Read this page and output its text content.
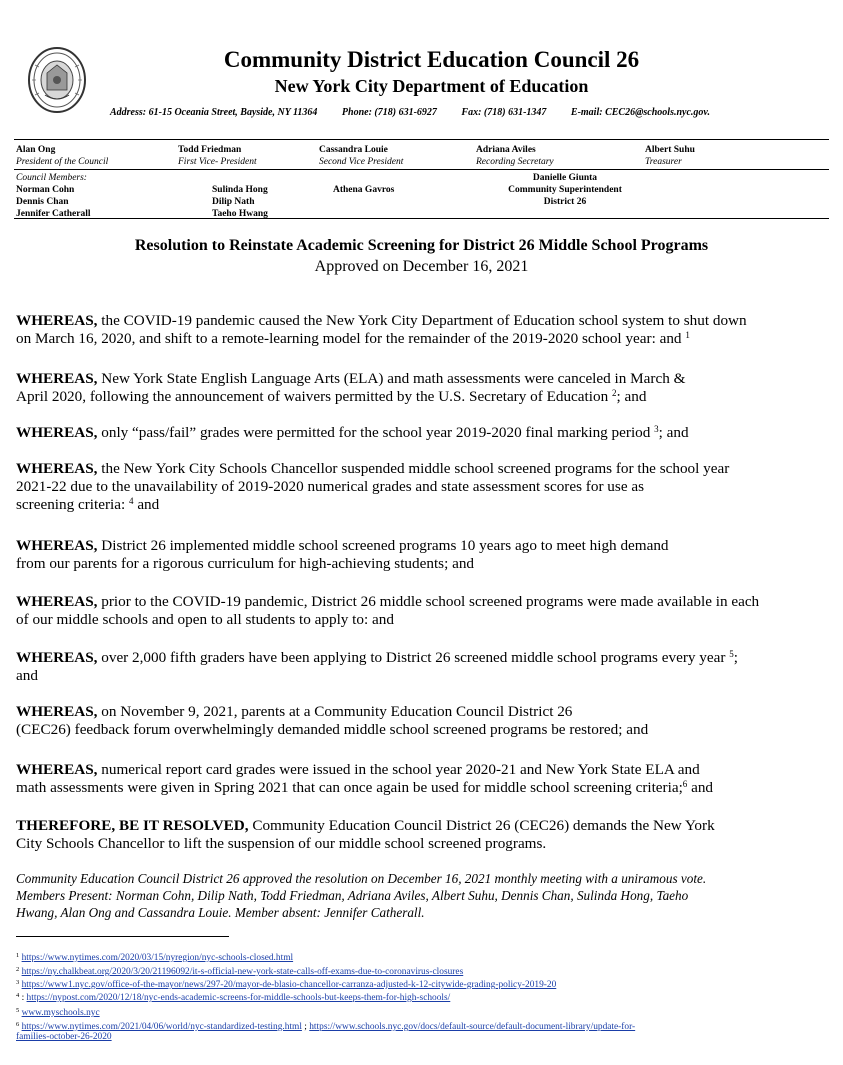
Community District Education Council 26
New York City Department of Education
Address: 61-15 Oceania Street, Bayside, NY 11364 Phone: (718) 631-6927 Fax: (718) 631-1347 E-mail: CEC26@schools.nyc.gov.
Alan Ong
President of the Council
Todd Friedman
First Vice- President
Cassandra Louie
Second Vice President
Adriana Aviles
Recording Secretary
Albert Suhu
Treasurer
Council Members:
Norman Cohn
Dennis Chan
Jennifer Catherall
Sulinda Hong
Dilip Nath
Taeho Hwang
Athena Gavros
Danielle Giunta
Community Superintendent
District 26
Resolution to Reinstate Academic Screening for District 26 Middle School Programs
Approved on December 16, 2021
WHEREAS, the COVID-19 pandemic caused the New York City Department of Education school system to shut down
on March 16, 2020, and shift to a remote-learning model for the remainder of the 2019-2020 school year: and $^1$
WHEREAS, New York State English Language Arts (ELA) and math assessments were canceled in March &
April 2020, following the announcement of waivers permitted by the U.S. Secretary of Education $^2$; and
WHEREAS, only “pass/fail” grades were permitted for the school year 2019-2020 final marking period $^3$; and
WHEREAS, the New York City Schools Chancellor suspended middle school screened programs for the school year
2021-22 due to the unavailability of 2019-2020 numerical grades and state assessment scores for use as
screening criteria: $^4$ and
WHEREAS, District 26 implemented middle school screened programs 10 years ago to meet high demand
from our parents for a rigorous curriculum for high-achieving students; and
WHEREAS, prior to the COVID-19 pandemic, District 26 middle school screened programs were made available in each
of our middle schools and open to all students to apply to: and
WHEREAS, over 2,000 fifth graders have been applying to District 26 screened middle school programs every year $^5$;
and
WHEREAS, on November 9, 2021, parents at a Community Education Council District 26
(CEC26) feedback forum overwhelmingly demanded middle school screened programs be restored; and
WHEREAS, numerical report card grades were issued in the school year 2020-21 and New York State ELA and
math assessments were given in Spring 2021 that can once again be used for middle school screening criteria;$^6$ and
THEREFORE, BE IT RESOLVED, Community Education Council District 26 (CEC26) demands the New York
City Schools Chancellor to lift the suspension of our middle school screened programs.
Community Education Council District 26 approved the resolution on December 16, 2021 monthly meeting with a uniramous vote.
Members Present: Norman Cohn, Dilip Nath, Todd Friedman, Adriana Aviles, Albert Suhu, Dennis Chan, Sulinda Hong, Taeho
Hwang, Alan Ong and Cassandra Louie. Member absent: Jennifer Catherall.
$^1$ https://www.nytimes.com/2020/03/15/nyregion/nyc-schools-closed.html
$^2$ https://ny.chalkbeat.org/2020/3/20/21196092/it-s-official-new-york-state-calls-off-exams-due-to-coronavirus-closures
$^3$ https://www1.nyc.gov/office-of-the-mayor/news/297-20/mayor-de-blasio-chancellor-carranza-adjusted-k-12-citywide-grading-policy-2019-20
$^4$ : https://nypost.com/2020/12/18/nyc-ends-academic-screens-for-middle-schools-but-keeps-them-for-high-schools/
$^5$ www.myschools.nyc
$^6$ https://www.nytimes.com/2021/04/06/world/nyc-standardized-testing.html ; https://www.schools.nyc.gov/docs/default-source/default-document-library/update-for-
families-october-26-2020
